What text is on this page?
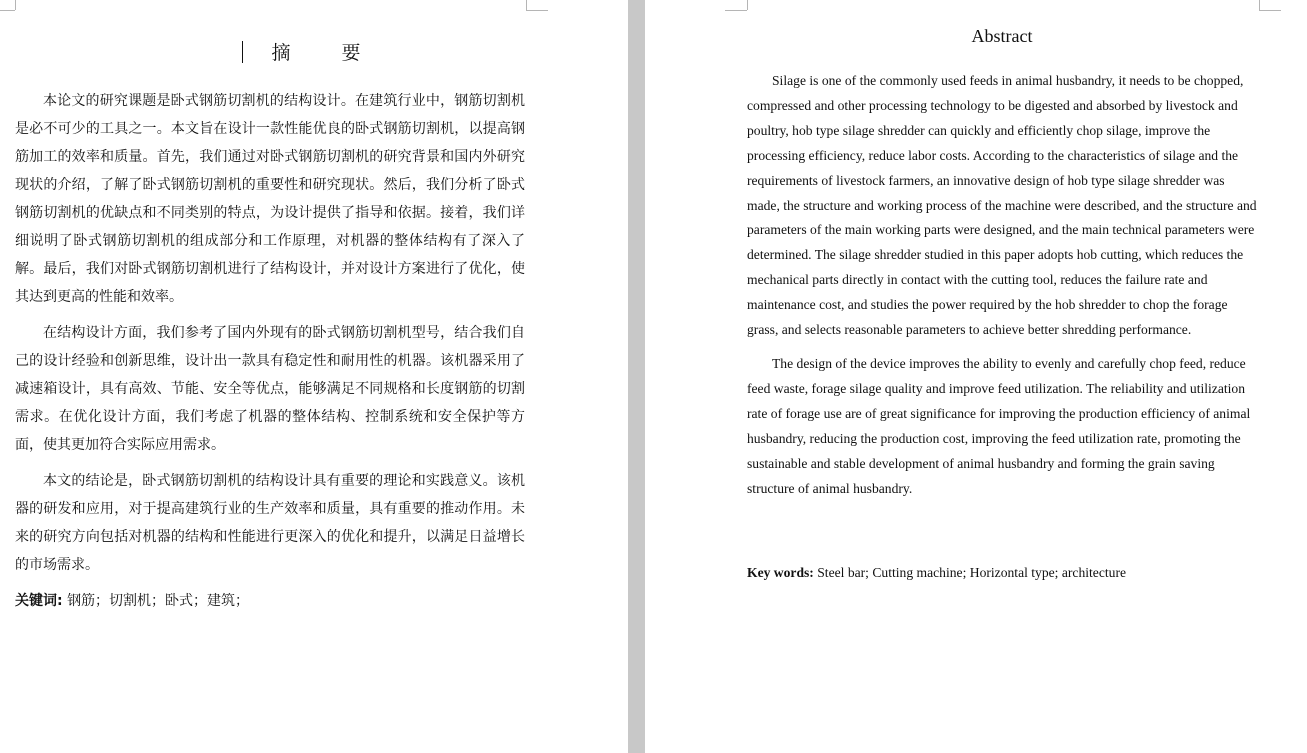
摘　要

本论文的研究课题是卧式钢筋切割机的结构设计。在建筑行业中，钢筋切割机是必不可少的工具之一。本文旨在设计一款性能优良的卧式钢筋切割机，以提高钢筋加工的效率和质量。首先，我们通过对卧式钢筋切割机的研究背景和国内外研究现状的介绍，了解了卧式钢筋切割机的重要性和研究现状。然后，我们分析了卧式钢筋切割机的优缺点和不同类别的特点，为设计提供了指导和依据。接着，我们详细说明了卧式钢筋切割机的组成部分和工作原理，对机器的整体结构有了深入了解。最后，我们对卧式钢筋切割机进行了结构设计，并对设计方案进行了优化，使其达到更高的性能和效率。

在结构设计方面，我们参考了国内外现有的卧式钢筋切割机型号，结合我们自己的设计经验和创新思维，设计出一款具有稳定性和耐用性的机器。该机器采用了减速箱设计，具有高效、节能、安全等优点，能够满足不同规格和长度钢筋的切割需求。在优化设计方面，我们考虑了机器的整体结构、控制系统和安全保护等方面，使其更加符合实际应用需求。

本文的结论是，卧式钢筋切割机的结构设计具有重要的理论和实践意义。该机器的研发和应用，对于提高建筑行业的生产效率和质量，具有重要的推动作用。未来的研究方向包括对机器的结构和性能进行更深入的优化和提升，以满足日益增长的市场需求。

关键词: 钢筋；切割机；卧式；建筑；

Abstract

Silage is one of the commonly used feeds in animal husbandry, it needs to be chopped, compressed and other processing technology to be digested and absorbed by livestock and poultry, hob type silage shredder can quickly and efficiently chop silage, improve the processing efficiency, reduce labor costs. According to the characteristics of silage and the requirements of livestock farmers, an innovative design of hob type silage shredder was made, the structure and working process of the machine were described, and the structure and parameters of the main working parts were designed, and the main technical parameters were determined. The silage shredder studied in this paper adopts hob cutting, which reduces the mechanical parts directly in contact with the cutting tool, reduces the failure rate and maintenance cost, and studies the power required by the hob shredder to chop the forage grass, and selects reasonable parameters to achieve better shredding performance.

The design of the device improves the ability to evenly and carefully chop feed, reduce feed waste, forage silage quality and improve feed utilization. The reliability and utilization rate of forage use are of great significance for improving the production efficiency of animal husbandry, reducing the production cost, improving the feed utilization rate, promoting the sustainable and stable development of animal husbandry and forming the grain saving structure of animal husbandry.

Key words: Steel bar; Cutting machine; Horizontal type; architecture
